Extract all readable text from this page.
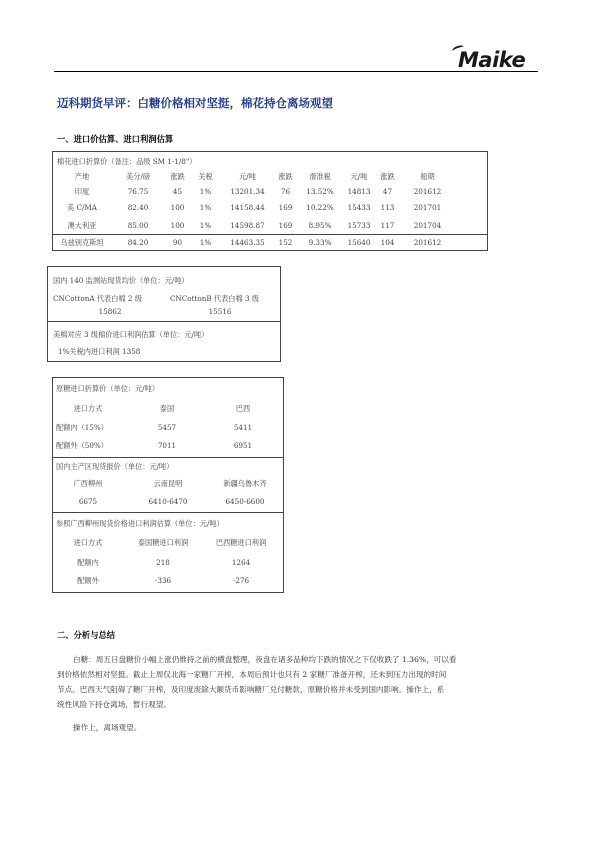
Maike
迈科期货早评：白糖价格相对坚挺，棉花持仓离场观望
一、进口价估算、进口利润估算
棉花进口折算价（备注：品级 SM 1-1/8"）
产地	美分/磅	涨跌	关税	元/吨	涨跌	滑准税	元/吨	涨跌	船期
印度	76.75	45	1%	13201.34	76	13.52%	14813	47	201612
美 C/MA	82.40	100	1%	14158.44	169	10.22%	15433	113	201701
澳大利亚	85.00	100	1%	14598.87	169	8.95%	15733	117	201704
乌兹别克斯坦	84.20	90	1%	14463.35	152	9.33%	15640	104	201612
国内 140 监测站现货均价（单位：元/吨）
CNCottonA 代表白棉 2 级	CNCottonB 代表白棉 3 级
15862	15516
美棉对应 3 级棉价进口利润估算（单位：元/吨）
1%关税内进口利润 1358
原糖进口折算价（单位：元/吨）
进口方式	泰国	巴西
配额内（15%）	5457	5411
配额外（50%）	7011	6951
国内主产区现货报价（单位：元/吨）
广西柳州	云南昆明	新疆乌鲁木齐
6675	6410-6470	6450-6600
参照广西柳州现货价格进口利润估算（单位：元/吨）
进口方式	泰国糖进口利润	巴西糖进口利润
配额内	218	1264
配额外	-336	-276
二、分析与总结
白糖：周五日盘糖价小幅上涨仍维持之前的横盘整理，夜盘在诸多品种均下跌的情况之下仅收跌了 1.36%，可以看
到价格依然相对坚挺。截止上周仅北海一家糖厂开榨，本周后预计也只有 2 家糖厂准备开榨，还未到压力出现的时间
节点。巴西天气阻碍了糖厂开榨，及印度废除大额货币影响糖厂兑付糖款，原糖价格并未受到国内影响。操作上，系
统性风险下持仓离场，暂行观望。
操作上，离场观望。
